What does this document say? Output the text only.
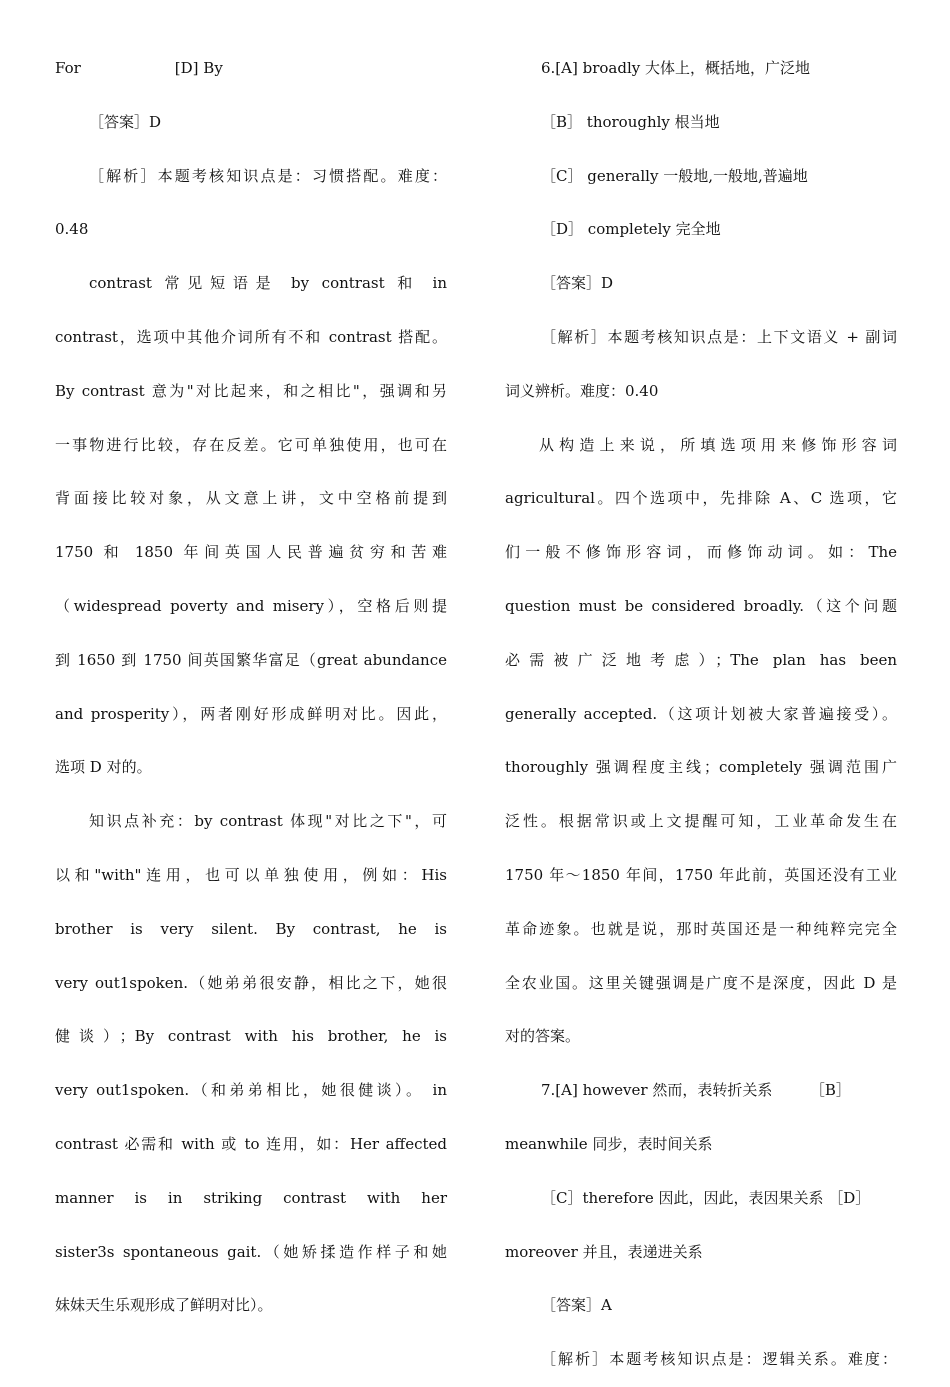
For	[D] By

［答案］D

［解析］本题考核知识点是：习惯搭配。难度：

0.48

contrast 常见短语是 by contrast 和 in

contrast，选项中其他介词所有不和 contrast 搭配。

By contrast 意为"对比起来，和之相比"，强调和另

一事物进行比较，存在反差。它可单独使用，也可在

背面接比较对象，从文意上讲，文中空格前提到

1750 和 1850 年间英国人民普遍贫穷和苦难

（widespread poverty and misery），空格后则提

到 1650 到 1750 间英国繁华富足（great abundance

and prosperity），两者刚好形成鲜明对比。因此，

选项 D 对的。

知识点补充：by contrast 体现"对比之下"，可

以和"with"连用，也可以单独使用，例如：His

brother is very silent. By contrast, he is

very out1spoken.（她弟弟很安静，相比之下，她很

健谈）；By contrast with his brother, he is

very out1spoken.（和弟弟相比，她很健谈）。 in

contrast 必需和 with 或 to 连用，如：Her affected

manner is in striking contrast with her

sister3s spontaneous gait.（她矫揉造作样子和她

妹妹天生乐观形成了鲜明对比）。

6.[A] broadly 大体上，概括地，广泛地

［B］ thoroughly 根当地

［C］ generally 一般地,一般地,普遍地

［D］ completely 完全地

［答案］D

［解析］本题考核知识点是：上下文语义 + 副词

词义辨析。难度：0.40

从构造上来说，所填选项用来修饰形容词

agricultural。四个选项中，先排除 A、C 选项，它

们一般不修饰形容词，而修饰动词。如：The

question must be considered broadly.（这个问题

必需被广泛地考虑）；The plan has been

generally accepted.（这项计划被大家普遍接受）。

thoroughly 强调程度主线；completely 强调范围广

泛性。根据常识或上文提醒可知，工业革命发生在

1750 年～1850 年间，1750 年此前，英国还没有工业

革命迹象。也就是说，那时英国还是一种纯粹完完全

全农业国。这里关键强调是广度不是深度，因此 D 是

对的答案。

7.[A] however 然而，表转折关系　　　［B］

meanwhile 同步，表时间关系

［C］therefore 因此，因此，表因果关系 ［D］

moreover 并且，表递进关系

［答案］A

［解析］本题考核知识点是：逻辑关系。难度：
